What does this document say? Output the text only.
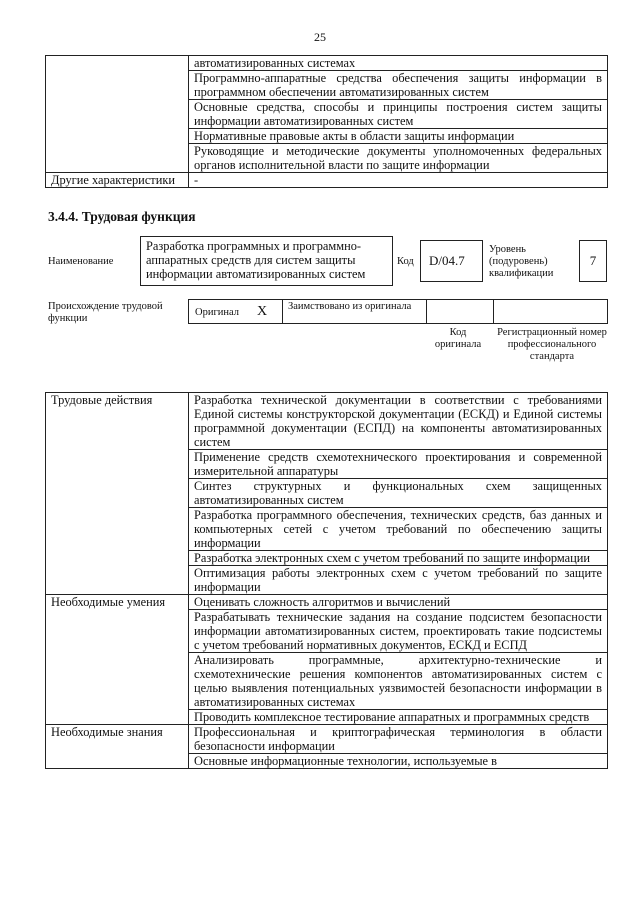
25
	автоматизированных системах
	Программно-аппаратные средства обеспечения защиты информации в программном обеспечении автоматизированных систем
	Основные средства, способы и принципы построения систем защиты информации автоматизированных систем
	Нормативные правовые акты в области защиты информации
	Руководящие и методические документы уполномоченных федеральных органов исполнительной власти по защите информации
Другие характеристики	-
3.4.4. Трудовая функция
Наименование
Разработка программных и программно-аппаратных средств для систем защиты информации автоматизированных систем
Код	D/04.7
Уровень (подуровень) квалификации
7
Происхождение трудовой функции
Оригинал X Заимствовано из оригинала
Код оригинала
Регистрационный номер профессионального стандарта
Трудовые действия	Разработка технической документации в соответствии с требованиями Единой системы конструкторской документации (ЕСКД) и Единой системы программной документации (ЕСПД) на компоненты автоматизированных систем
	Применение средств схемотехнического проектирования и современной измерительной аппаратуры
	Синтез структурных и функциональных схем защищенных автоматизированных систем
	Разработка программного обеспечения, технических средств, баз данных и компьютерных сетей с учетом требований по обеспечению защиты информации
	Разработка электронных схем с учетом требований по защите информации
	Оптимизация работы электронных схем с учетом требований по защите информации
Необходимые умения	Оценивать сложность алгоритмов и вычислений
	Разрабатывать технические задания на создание подсистем безопасности информации автоматизированных систем, проектировать такие подсистемы с учетом требований нормативных документов, ЕСКД и ЕСПД
	Анализировать программные, архитектурно-технические и схемотехнические решения компонентов автоматизированных систем с целью выявления потенциальных уязвимостей безопасности информации в автоматизированных системах
	Проводить комплексное тестирование аппаратных и программных средств
Необходимые знания	Профессиональная и криптографическая терминология в области безопасности информации
	Основные информационные технологии, используемые в
